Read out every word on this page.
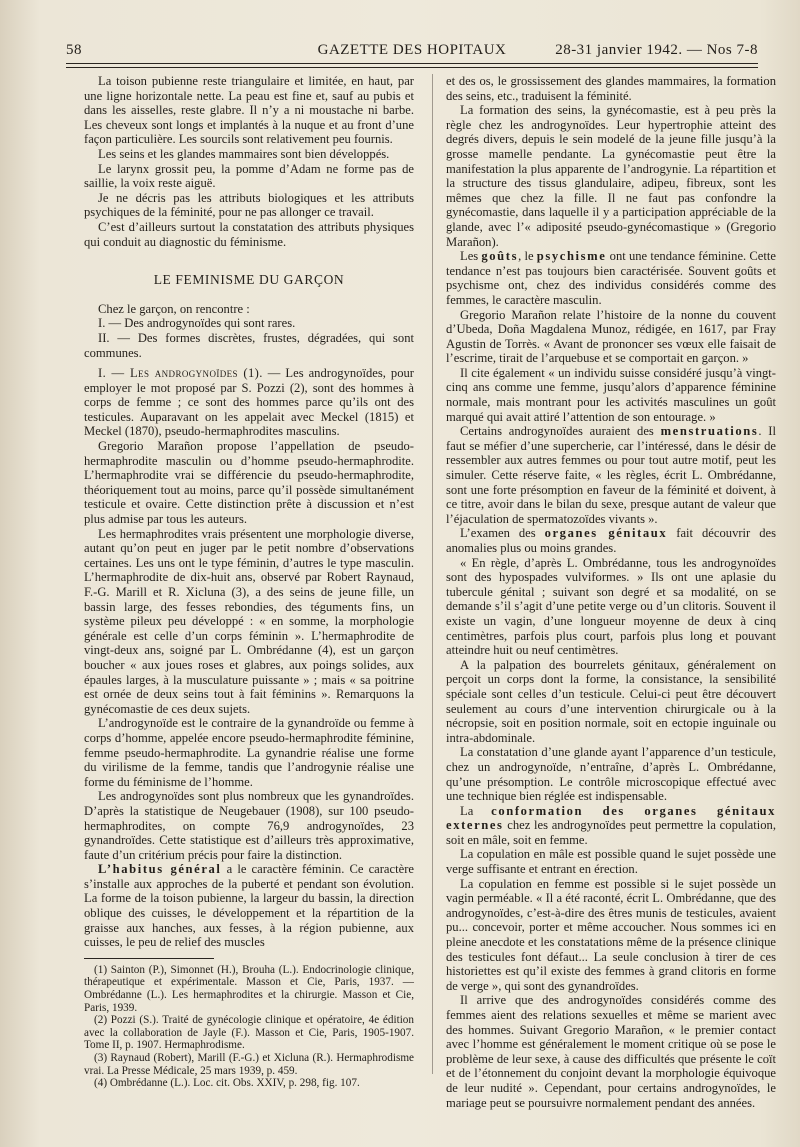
58	GAZETTE DES HOPITAUX	28-31 janvier 1942. — Nos 7-8

La toison pubienne reste triangulaire et limitée, en haut, par une ligne horizontale nette. La peau est fine et, sauf au pubis et dans les aisselles, reste glabre. Il n’y a ni moustache ni barbe. Les cheveux sont longs et implantés à la nuque et au front d’une façon particulière. Les sourcils sont relativement peu fournis.

Les seins et les glandes mammaires sont bien développés.

Le larynx grossit peu, la pomme d’Adam ne forme pas de saillie, la voix reste aiguë.

Je ne décris pas les attributs biologiques et les attributs psychiques de la féminité, pour ne pas allonger ce travail.

C’est d’ailleurs surtout la constatation des attributs physiques qui conduit au diagnostic du féminisme.

LE FEMINISME DU GARÇON

Chez le garçon, on rencontre :

I. — Des androgynoïdes qui sont rares.

II. — Des formes discrètes, frustes, dégradées, qui sont communes.

I. — Les androgynoïdes (1). — Les androgynoïdes, pour employer le mot proposé par S. Pozzi (2), sont des hommes à corps de femme ; ce sont des hommes parce qu’ils ont des testicules. Auparavant on les appelait avec Meckel (1815) et Meckel (1870), pseudo-hermaphrodites masculins.

Gregorio Marañon propose l’appellation de pseudo-hermaphrodite masculin ou d’homme pseudo-hermaphrodite. L’hermaphrodite vrai se différencie du pseudo-hermaphrodite, théoriquement tout au moins, parce qu’il possède simultanément testicule et ovaire. Cette distinction prête à discussion et n’est plus admise par tous les auteurs.

Les hermaphrodites vrais présentent une morphologie diverse, autant qu’on peut en juger par le petit nombre d’observations certaines. Les uns ont le type féminin, d’autres le type masculin. L’hermaphrodite de dix-huit ans, observé par Robert Raynaud, F.-G. Marill et R. Xicluna (3), a des seins de jeune fille, un bassin large, des fesses rebondies, des téguments fins, un système pileux peu développé : « en somme, la morphologie générale est celle d’un corps féminin ». L’hermaphrodite de vingt-deux ans, soigné par L. Ombrédanne (4), est un garçon boucher « aux joues roses et glabres, aux poings solides, aux épaules larges, à la musculature puissante » ; mais « sa poitrine est ornée de deux seins tout à fait féminins ». Remarquons la gynécomastie de ces deux sujets.

L’androgynoïde est le contraire de la gynandroïde ou femme à corps d’homme, appelée encore pseudo-hermaphrodite féminine, femme pseudo-hermaphrodite. La gynandrie réalise une forme du virilisme de la femme, tandis que l’androgynie réalise une forme du féminisme de l’homme.

Les androgynoïdes sont plus nombreux que les gynandroïdes. D’après la statistique de Neugebauer (1908), sur 100 pseudo-hermaphrodites, on compte 76,9 androgynoïdes, 23 gynandroïdes. Cette statistique est d’ailleurs très approximative, faute d’un critérium précis pour faire la distinction.

L’habitus général a le caractère féminin. Ce caractère s’installe aux approches de la puberté et pendant son évolution. La forme de la toison pubienne, la largeur du bassin, la direction oblique des cuisses, le développement et la répartition de la graisse aux hanches, aux fesses, à la région pubienne, aux cuisses, le peu de relief des muscles

(1) Sainton (P.), Simonnet (H.), Brouha (L.). Endocrinologie clinique, thérapeutique et expérimentale. Masson et Cie, Paris, 1937. — Ombrédanne (L.). Les hermaphrodites et la chirurgie. Masson et Cie, Paris, 1939.

(2) Pozzi (S.). Traité de gynécologie clinique et opératoire, 4e édition avec la collaboration de Jayle (F.). Masson et Cie, Paris, 1905-1907. Tome II, p. 1907. Hermaphrodisme.

(3) Raynaud (Robert), Marill (F.-G.) et Xicluna (R.). Hermaphrodisme vrai. La Presse Médicale, 25 mars 1939, p. 459.

(4) Ombrédanne (L.). Loc. cit. Obs. XXIV, p. 298, fig. 107.

et des os, le grossissement des glandes mammaires, la formation des seins, etc., traduisent la féminité.

La formation des seins, la gynécomastie, est à peu près la règle chez les androgynoïdes. Leur hypertrophie atteint des degrés divers, depuis le sein modelé de la jeune fille jusqu’à la grosse mamelle pendante. La gynécomastie peut être la manifestation la plus apparente de l’androgynie. La répartition et la structure des tissus glandulaire, adipeu, fibreux, sont les mêmes que chez la fille. Il ne faut pas confondre la gynécomastie, dans laquelle il y a participation appréciable de la glande, avec l’« adiposité pseudo-gynécomastique » (Gregorio Marañon).

Les goûts, le psychisme ont une tendance féminine. Cette tendance n’est pas toujours bien caractérisée. Souvent goûts et psychisme ont, chez des individus considérés comme des femmes, le caractère masculin.

Gregorio Marañon relate l’histoire de la nonne du couvent d’Ubeda, Doña Magdalena Munoz, rédigée, en 1617, par Fray Agustin de Torrès. « Avant de prononcer ses vœux elle faisait de l’escrime, tirait de l’arquebuse et se comportait en garçon. »

Il cite également « un individu suisse considéré jusqu’à vingt-cinq ans comme une femme, jusqu’alors d’apparence féminine normale, mais montrant pour les activités masculines un goût marqué qui avait attiré l’attention de son entourage. »

Certains androgynoïdes auraient des menstruations. Il faut se méfier d’une supercherie, car l’intéressé, dans le désir de ressembler aux autres femmes ou pour tout autre motif, peut les simuler. Cette réserve faite, « les règles, écrit L. Ombrédanne, sont une forte présomption en faveur de la féminité et doivent, à ce titre, avoir dans le bilan du sexe, presque autant de valeur que l’éjaculation de spermatozoïdes vivants ».

L’examen des organes génitaux fait découvrir des anomalies plus ou moins grandes.

« En règle, d’après L. Ombrédanne, tous les androgynoïdes sont des hypospades vulviformes. » Ils ont une aplasie du tubercule génital ; suivant son degré et sa modalité, on se demande s’il s’agit d’une petite verge ou d’un clitoris. Souvent il existe un vagin, d’une longueur moyenne de deux à cinq centimètres, parfois plus court, parfois plus long et pouvant atteindre huit ou neuf centimètres.

A la palpation des bourrelets génitaux, généralement on perçoit un corps dont la forme, la consistance, la sensibilité spéciale sont celles d’un testicule. Celui-ci peut être découvert seulement au cours d’une intervention chirurgicale ou à la nécropsie, soit en position normale, soit en ectopie inguinale ou intra-abdominale.

La constatation d’une glande ayant l’apparence d’un testicule, chez un androgynoïde, n’entraîne, d’après L. Ombrédanne, qu’une présomption. Le contrôle microscopique effectué avec une technique bien réglée est indispensable.

La conformation des organes génitaux externes chez les androgynoïdes peut permettre la copulation, soit en mâle, soit en femme.

La copulation en mâle est possible quand le sujet possède une verge suffisante et entrant en érection.

La copulation en femme est possible si le sujet possède un vagin perméable. « Il a été raconté, écrit L. Ombrédanne, que des androgynoïdes, c’est-à-dire des êtres munis de testicules, avaient pu... concevoir, porter et même accoucher. Nous sommes ici en pleine anecdote et les constatations même de la présence clinique des testicules font défaut... La seule conclusion à tirer de ces historiettes est qu’il existe des femmes à grand clitoris en forme de verge », qui sont des gynandroïdes.

Il arrive que des androgynoïdes considérés comme des femmes aient des relations sexuelles et même se marient avec des hommes. Suivant Gregorio Marañon, « le premier contact avec l’homme est généralement le moment critique où se pose le problème de leur sexe, à cause des difficultés que présente le coït et de l’étonnement du conjoint devant la morphologie équivoque de leur nudité ». Cependant, pour certains androgynoïdes, le mariage peut se poursuivre normalement pendant des années.
